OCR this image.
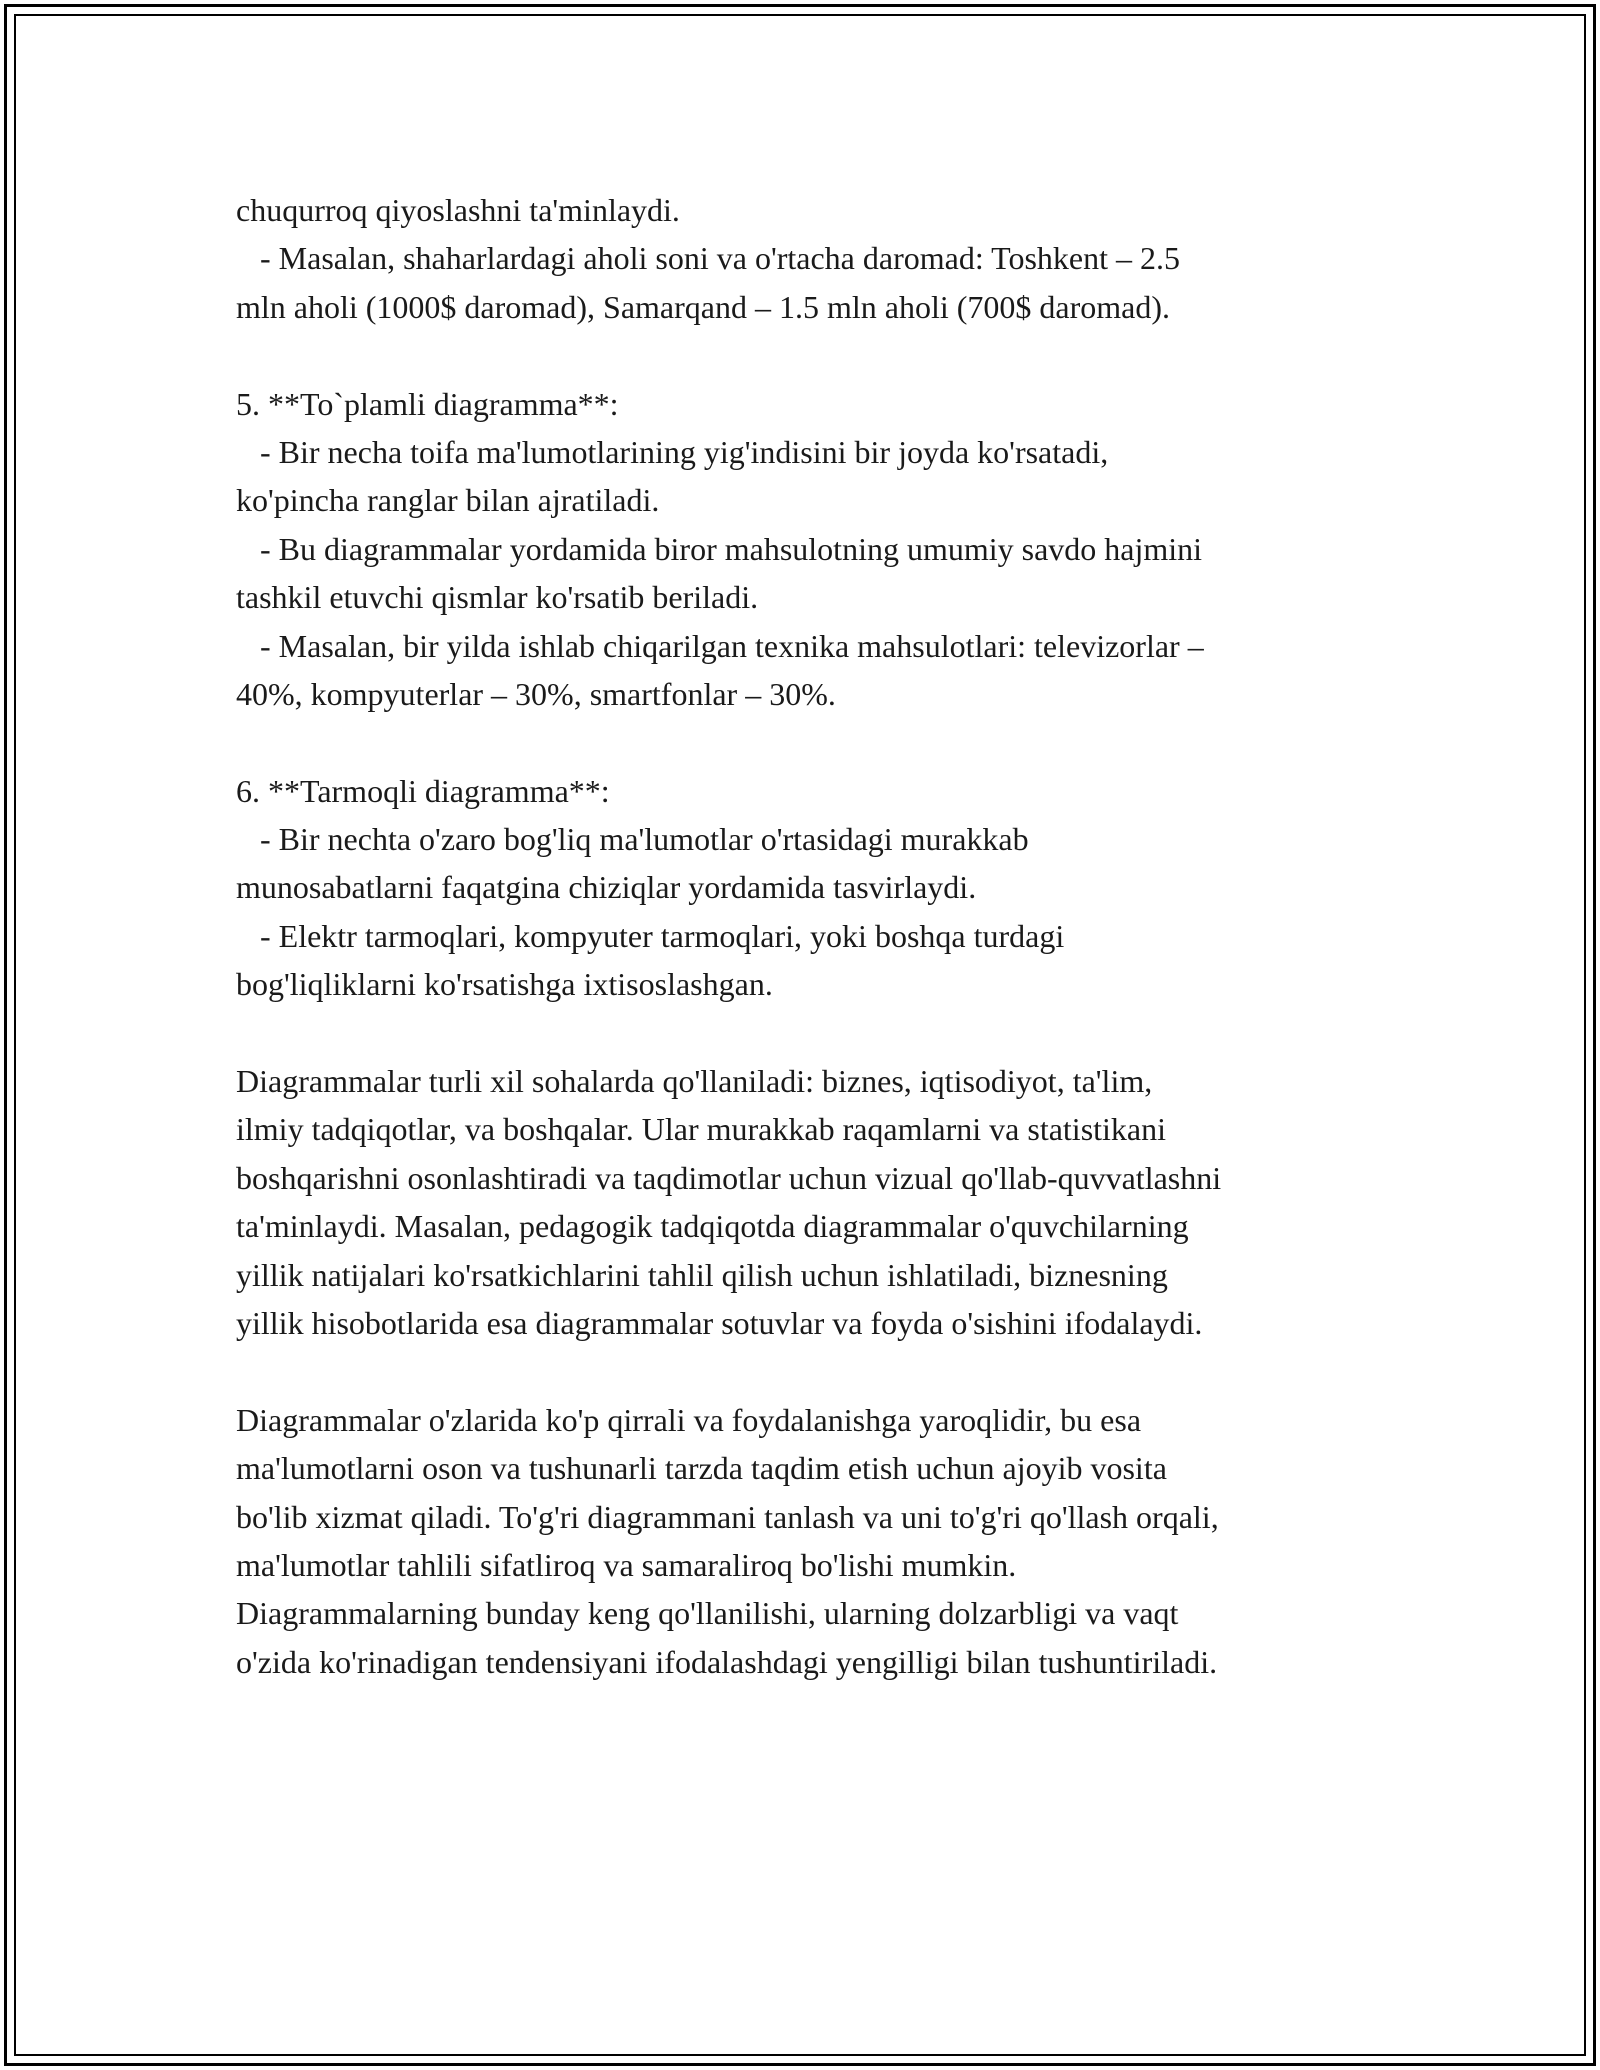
chuqurroq qiyoslashni ta'minlaydi.
- Masalan, shaharlardagi aholi soni va o'rtacha daromad: Toshkent – 2.5
mln aholi (1000$ daromad), Samarqand – 1.5 mln aholi (700$ daromad).
5. **To`plamli diagramma**:
- Bir necha toifa ma'lumotlarining yig'indisini bir joyda ko'rsatadi,
ko'pincha ranglar bilan ajratiladi.
- Bu diagrammalar yordamida biror mahsulotning umumiy savdo hajmini
tashkil etuvchi qismlar ko'rsatib beriladi.
- Masalan, bir yilda ishlab chiqarilgan texnika mahsulotlari: televizorlar –
40%, kompyuterlar – 30%, smartfonlar – 30%.
6. **Tarmoqli diagramma**:
- Bir nechta o'zaro bog'liq ma'lumotlar o'rtasidagi murakkab
munosabatlarni faqatgina chiziqlar yordamida tasvirlaydi.
- Elektr tarmoqlari, kompyuter tarmoqlari, yoki boshqa turdagi
bog'liqliklarni ko'rsatishga ixtisoslashgan.
Diagrammalar turli xil sohalarda qo'llaniladi: biznes, iqtisodiyot, ta'lim,
ilmiy tadqiqotlar, va boshqalar. Ular murakkab raqamlarni va statistikani
boshqarishni osonlashtiradi va taqdimotlar uchun vizual qo'llab-quvvatlashni
ta'minlaydi. Masalan, pedagogik tadqiqotda diagrammalar o'quvchilarning
yillik natijalari ko'rsatkichlarini tahlil qilish uchun ishlatiladi, biznesning
yillik hisobotlarida esa diagrammalar sotuvlar va foyda o'sishini ifodalaydi.
Diagrammalar o'zlarida ko'p qirrali va foydalanishga yaroqlidir, bu esa
ma'lumotlarni oson va tushunarli tarzda taqdim etish uchun ajoyib vosita
bo'lib xizmat qiladi. To'g'ri diagrammani tanlash va uni to'g'ri qo'llash orqali,
ma'lumotlar tahlili sifatliroq va samaraliroq bo'lishi mumkin.
Diagrammalarning bunday keng qo'llanilishi, ularning dolzarbligi va vaqt
o'zida ko'rinadigan tendensiyani ifodalashdagi yengilligi bilan tushuntiriladi.
